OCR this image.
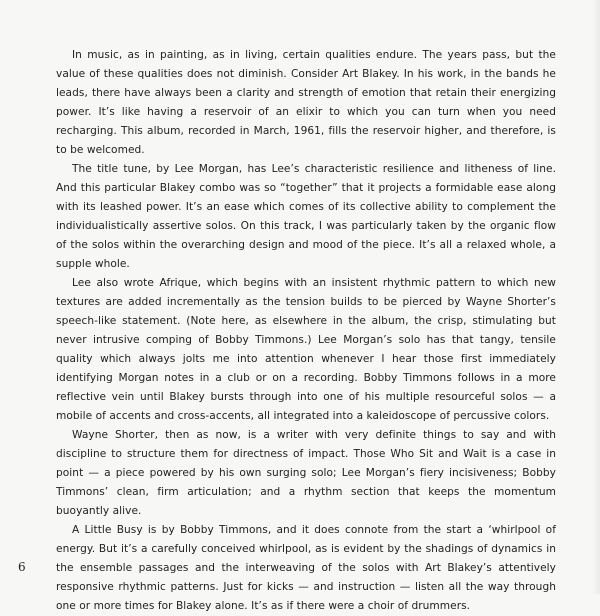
In music, as in painting, as in living, certain qualities endure. The years pass, but the value of these qualities does not diminish. Consider Art Blakey. In his work, in the bands he leads, there have always been a clarity and strength of emotion that retain their energizing power. It’s like having a reservoir of an elixir to which you can turn when you need recharging. This album, recorded in March, 1961, fills the reservoir higher, and therefore, is to be welcomed.

The title tune, by Lee Morgan, has Lee’s characteristic resilience and litheness of line. And this particular Blakey combo was so “together” that it projects a formidable ease along with its leashed power. It’s an ease which comes of its collective ability to complement the individualistically assertive solos. On this track, I was particularly taken by the organic flow of the solos within the overarching design and mood of the piece. It’s all a relaxed whole, a supple whole.

Lee also wrote Afrique, which begins with an insistent rhythmic pattern to which new textures are added incrementally as the tension builds to be pierced by Wayne Shorter’s speech-like statement. (Note here, as elsewhere in the album, the crisp, stimulating but never intrusive comping of Bobby Timmons.) Lee Morgan’s solo has that tangy, tensile quality which always jolts me into attention whenever I hear those first immediately identifying Morgan notes in a club or on a recording. Bobby Timmons follows in a more reflective vein until Blakey bursts through into one of his multiple resourceful solos — a mobile of accents and cross-accents, all integrated into a kaleidoscope of percussive colors.

Wayne Shorter, then as now, is a writer with very definite things to say and with discipline to structure them for directness of impact. Those Who Sit and Wait is a case in point — a piece powered by his own surging solo; Lee Morgan’s fiery incisiveness; Bobby Timmons’ clean, firm articulation; and a rhythm section that keeps the momentum buoyantly alive.

A Little Busy is by Bobby Timmons, and it does connote from the start a ‘whirlpool of energy. But it’s a carefully conceived whirlpool, as is evident by the shadings of dynamics in the ensemble passages and the interweaving of the solos with Art Blakey’s attentively responsive rhythmic patterns. Just for kicks — and instruction — listen all the way through one or more times for Blakey alone. It’s as if there were a choir of drummers.

6
